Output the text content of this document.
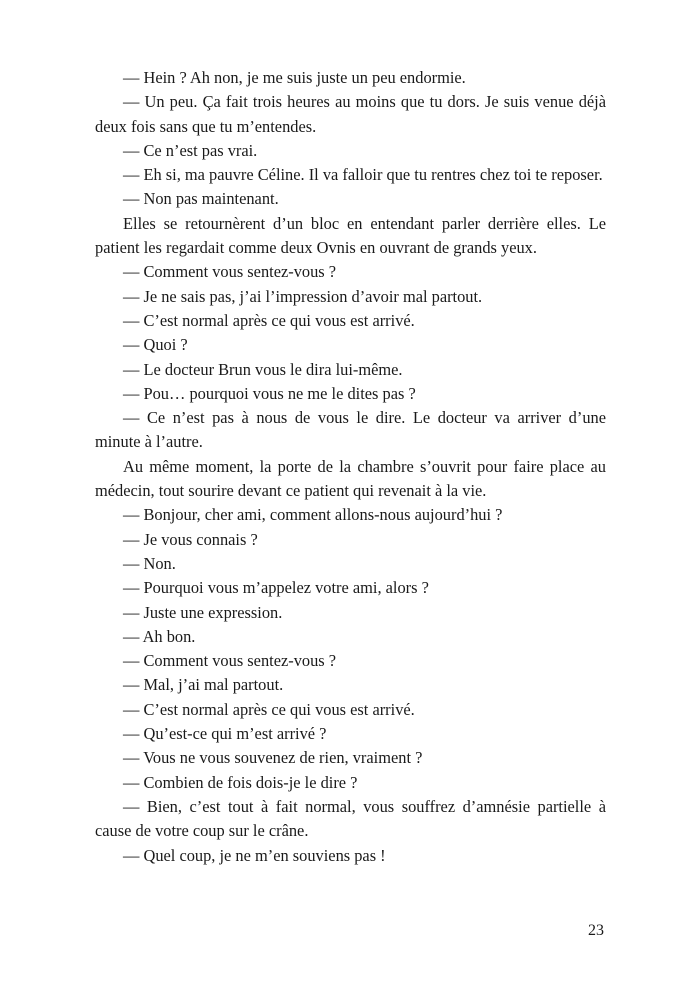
— Hein ? Ah non, je me suis juste un peu endormie.

— Un peu. Ça fait trois heures au moins que tu dors. Je suis venue déjà deux fois sans que tu m’entendes.

— Ce n’est pas vrai.

— Eh si, ma pauvre Céline. Il va falloir que tu rentres chez toi te reposer.

— Non pas maintenant.

Elles se retournèrent d’un bloc en entendant parler derrière elles. Le patient les regardait comme deux Ovnis en ouvrant de grands yeux.

— Comment vous sentez-vous ?

— Je ne sais pas, j’ai l’impression d’avoir mal partout.

— C’est normal après ce qui vous est arrivé.

— Quoi ?

— Le docteur Brun vous le dira lui-même.

— Pou… pourquoi vous ne me le dites pas ?

— Ce n’est pas à nous de vous le dire. Le docteur va arriver d’une minute à l’autre.

Au même moment, la porte de la chambre s’ouvrit pour faire place au médecin, tout sourire devant ce patient qui revenait à la vie.

— Bonjour, cher ami, comment allons-nous aujourd’hui ?

— Je vous connais ?

— Non.

— Pourquoi vous m’appelez votre ami, alors ?

— Juste une expression.

— Ah bon.

— Comment vous sentez-vous ?

— Mal, j’ai mal partout.

— C’est normal après ce qui vous est arrivé.

— Qu’est-ce qui m’est arrivé ?

— Vous ne vous souvenez de rien, vraiment ?

— Combien de fois dois-je le dire ?

— Bien, c’est tout à fait normal, vous souffrez d’amnésie partielle à cause de votre coup sur le crâne.

— Quel coup, je ne m’en souviens pas !

23
